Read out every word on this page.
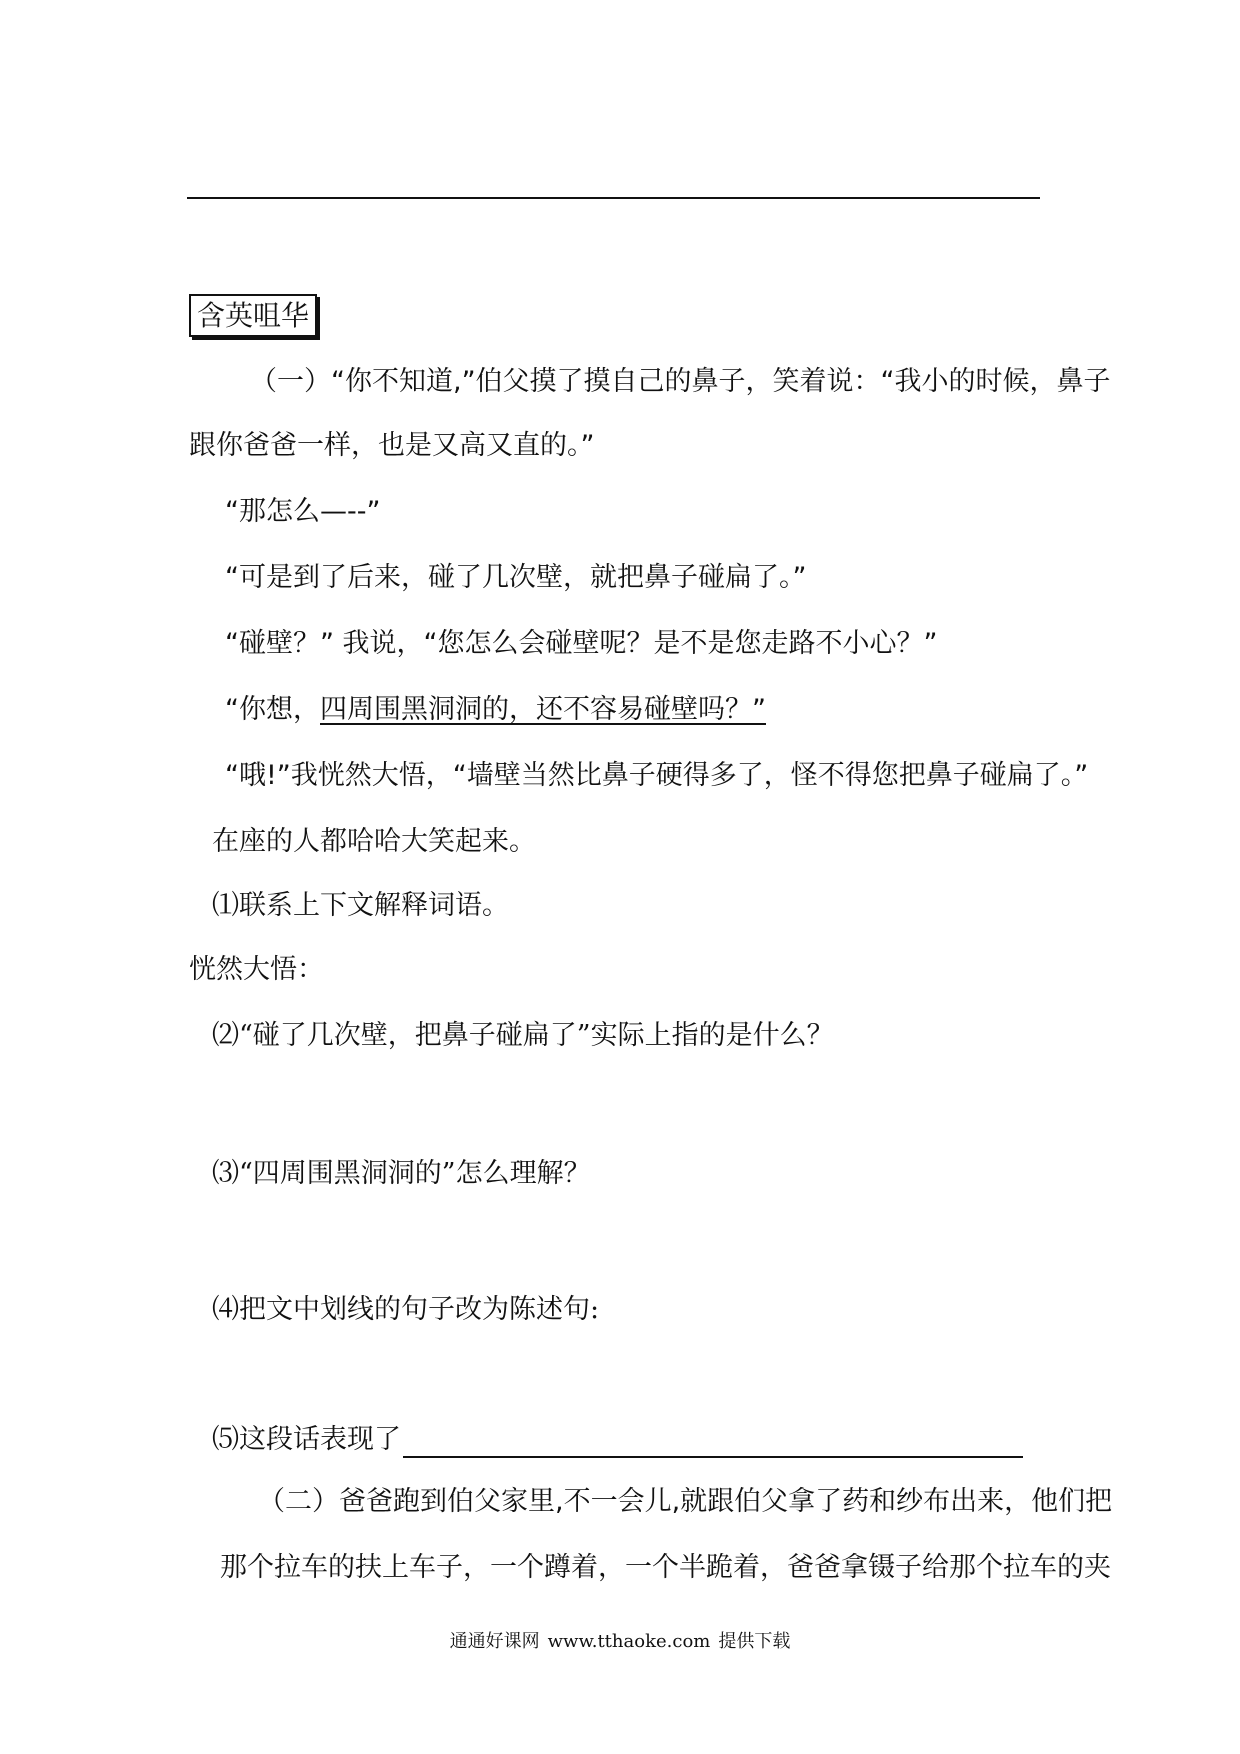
含英咀华
（一）“你不知道,”伯父摸了摸自己的鼻子，笑着说：“我小的时候，鼻子
跟你爸爸一样，也是又高又直的。”
“那怎么—--”
“可是到了后来，碰了几次壁，就把鼻子碰扁了。”
“碰壁？” 我说，“您怎么会碰壁呢？是不是您走路不小心？”
“你想，四周围黑洞洞的，还不容易碰壁吗？”
“哦!”我恍然大悟，“墙壁当然比鼻子硬得多了，怪不得您把鼻子碰扁了。”
在座的人都哈哈大笑起来。
⑴联系上下文解释词语。
恍然大悟：
⑵“碰了几次壁，把鼻子碰扁了”实际上指的是什么？
⑶“四周围黑洞洞的”怎么理解？
⑷把文中划线的句子改为陈述句:
⑸这段话表现了
（二）爸爸跑到伯父家里,不一会儿,就跟伯父拿了药和纱布出来，他们把
那个拉车的扶上车子，一个蹲着，一个半跪着，爸爸拿镊子给那个拉车的夹
通通好课网 www.tthaoke.com 提供下载
